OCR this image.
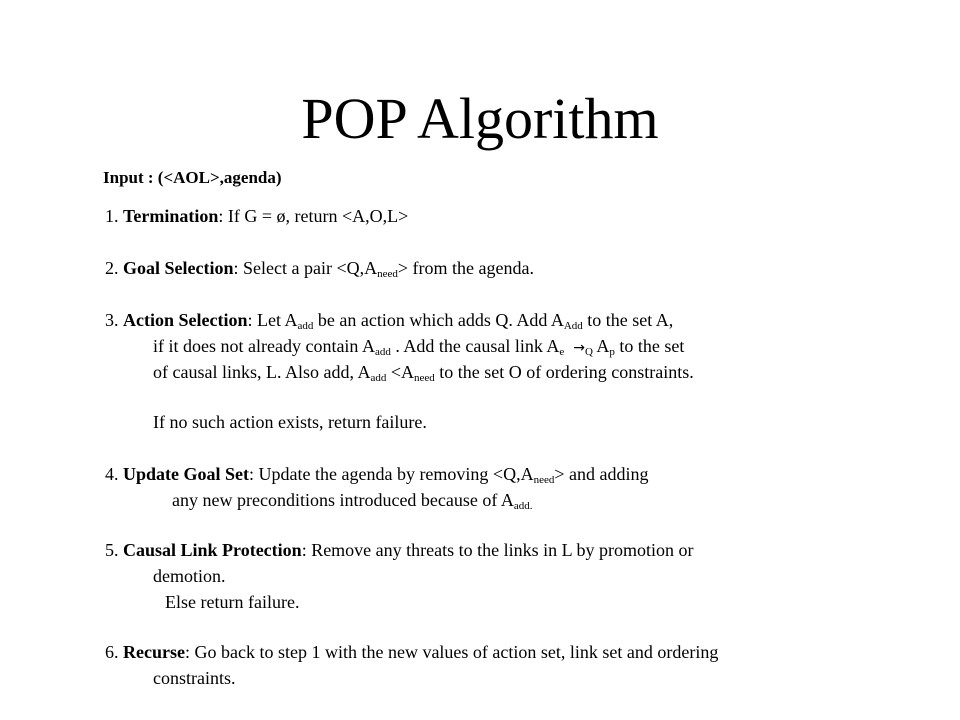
POP Algorithm
Input : (<AOL>,agenda)
1. Termination: If G = ø, return <A,O,L>
2. Goal Selection: Select a pair $<Q,A_{need}>$ from the agenda.
3. Action Selection: Let $A_{add}$ be an action which adds Q. Add $A_{Add}$ to the set A,
if it does not already contain $A_{add}$ . Add the causal link $A_e \to_Q$ $A_p$ to the set
of causal links, L. Also add, $A_{add} <A_{need}$ to the set O of ordering constraints.
If no such action exists, return failure.
4. Update Goal Set: Update the agenda by removing $<Q,A_{need}>$ and adding
any new preconditions introduced because of $A_{add.}$
5. Causal Link Protection: Remove any threats to the links in L by promotion or
demotion.
Else return failure.
6. Recurse: Go back to step 1 with the new values of action set, link set and ordering
constraints.
